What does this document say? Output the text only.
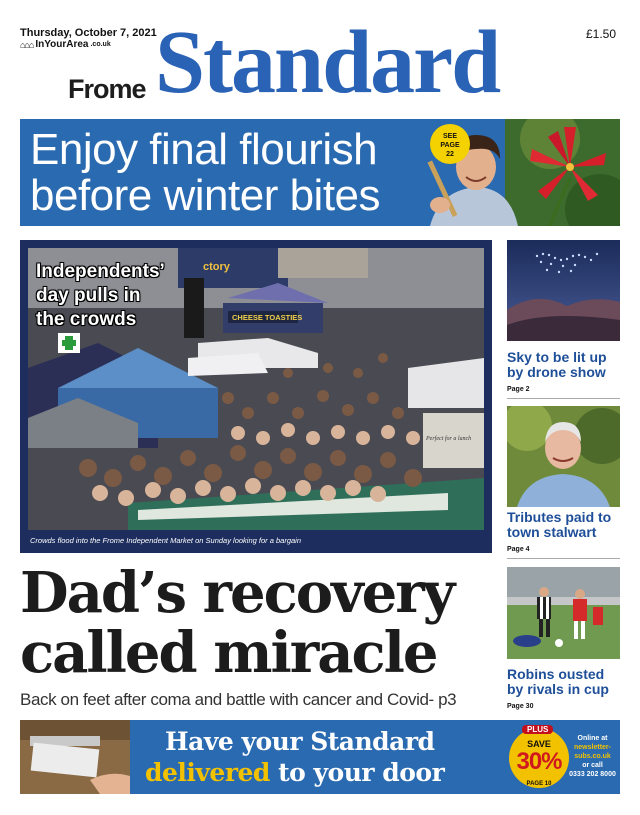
Thursday, October 7, 2021
⌂⌂⌂ InYourArea .co.uk
£1.50
Frome Standard
Enjoy final flourish
before winter bites
SEE
PAGE
22
ctory
CHEESE TOASTIES
Perfect for a lunch
Independents’
day pulls in
the crowds
Crowds flood into the Frome Independent Market on Sunday looking for a bargain
Sky to be lit up by drone show
Page 2
Tributes paid to town stalwart
Page 4
Robins ousted by rivals in cup
Page 30
Dad’s recovery
called miracle
Back on feet after coma and battle with cancer and Covid- p3
Have your Standard
delivered to your door
PLUS
SAVE
30%
PAGE 10
Online at
newsletter-subs.co.uk
or call
0333 202 8000
